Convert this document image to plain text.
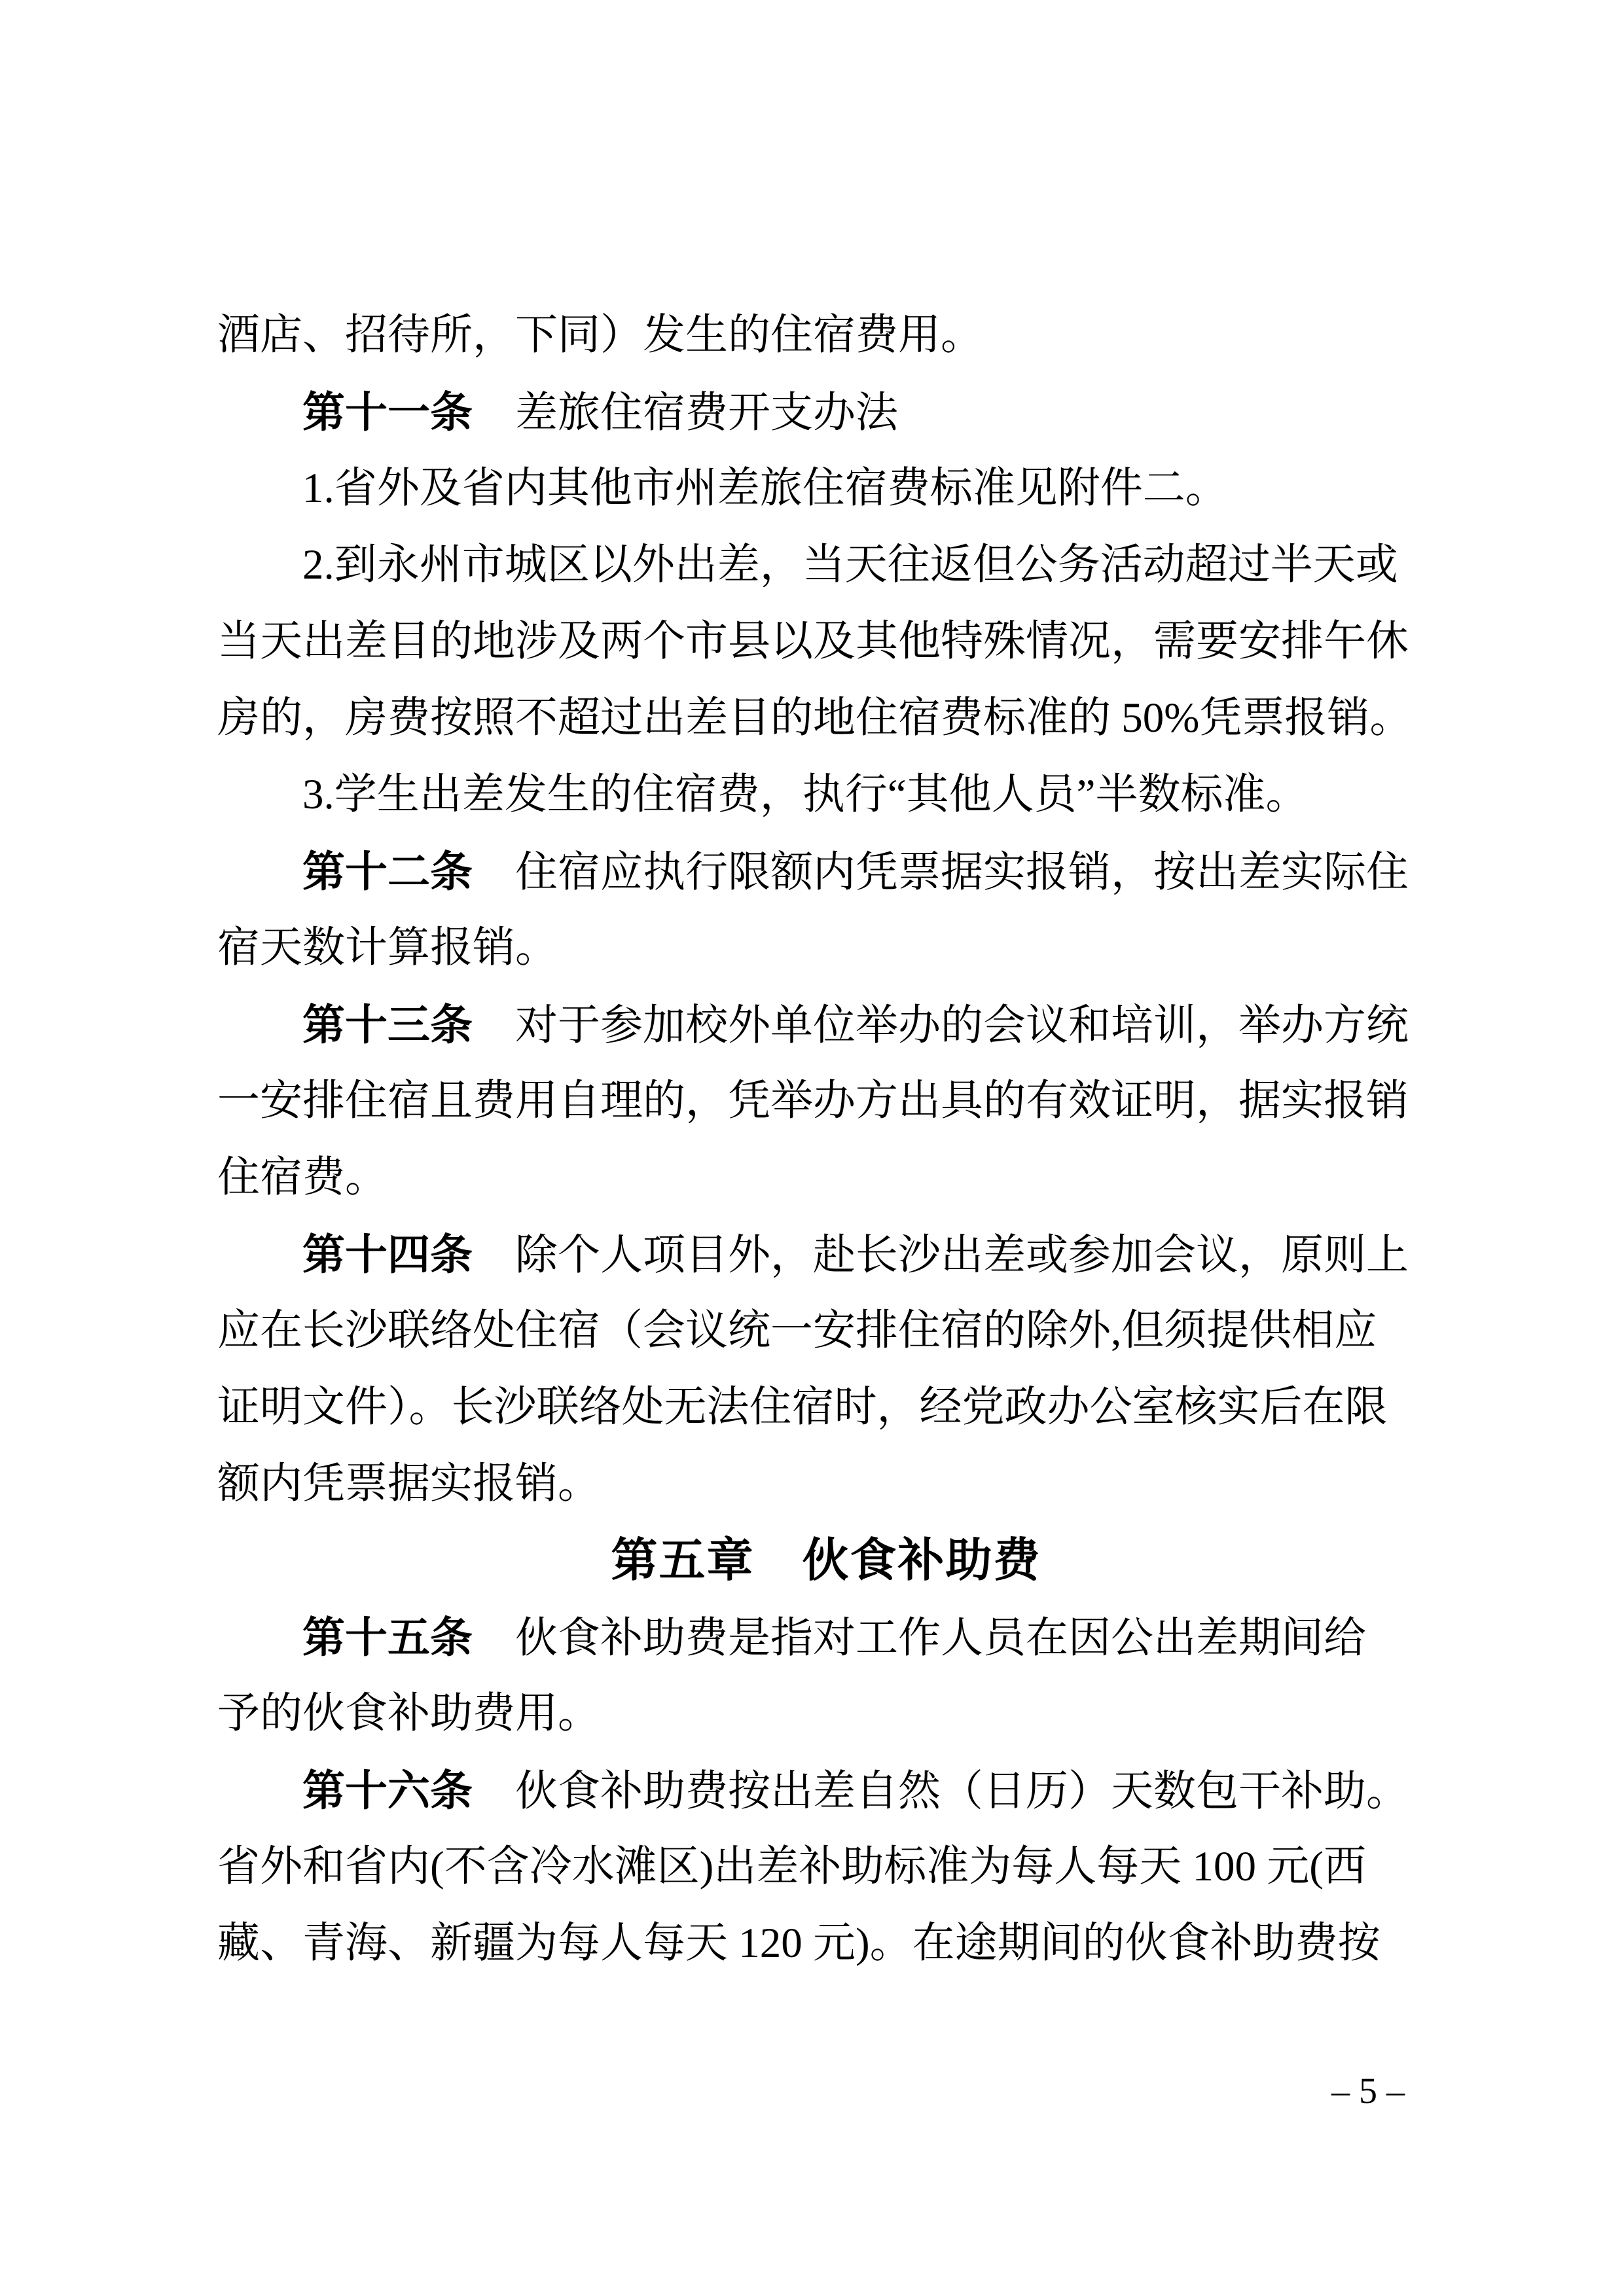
酒店、招待所，下同）发生的住宿费用。
第十一条　差旅住宿费开支办法
1.省外及省内其他市州差旅住宿费标准见附件二。
2.到永州市城区以外出差，当天往返但公务活动超过半天或
当天出差目的地涉及两个市县以及其他特殊情况，需要安排午休
房的，房费按照不超过出差目的地住宿费标准的 50%凭票报销。
3.学生出差发生的住宿费，执行“其他人员”半数标准。
第十二条　住宿应执行限额内凭票据实报销，按出差实际住
宿天数计算报销。
第十三条　对于参加校外单位举办的会议和培训，举办方统
一安排住宿且费用自理的，凭举办方出具的有效证明，据实报销
住宿费。
第十四条　除个人项目外，赴长沙出差或参加会议，原则上
应在长沙联络处住宿（会议统一安排住宿的除外,但须提供相应
证明文件）。长沙联络处无法住宿时，经党政办公室核实后在限
额内凭票据实报销。
第五章　伙食补助费
第十五条　伙食补助费是指对工作人员在因公出差期间给
予的伙食补助费用。
第十六条　伙食补助费按出差自然（日历）天数包干补助。
省外和省内(不含冷水滩区)出差补助标准为每人每天 100 元(西
藏、青海、新疆为每人每天 120 元)。在途期间的伙食补助费按
– 5 –
